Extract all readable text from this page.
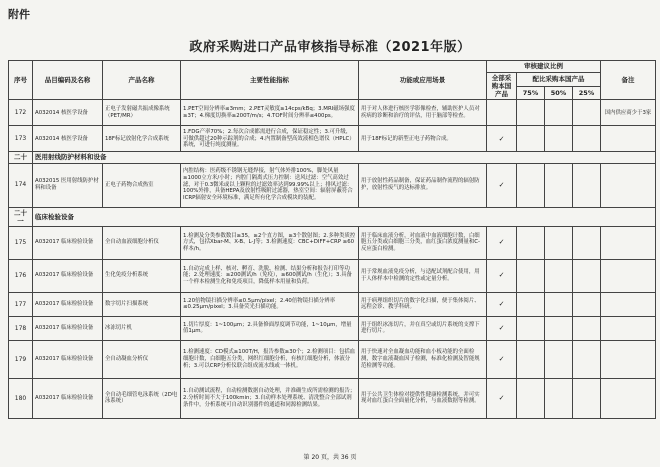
附件
政府采购进口产品审核指导标准（2021年版）
序号	品目编码及名称	产品名称	主要性能指标	功能或应用场景	审核建议比例				备注
					全部采购本国产品	配比采购本国产品			
						75%	50%	25%	
172	A032014 核医学设备	正电子发射磁共振成像系统（PET/MR）	1.PET空间分辨率≤3mm；2.PET灵敏度≥14cps/kBq；3.MRI磁场强度≥3T；4.梯度切换率≥200T/m/s；4.TOF时间分辨率≤400ps。	用于对人体进行核医学影像检查，辅助医护人员对疾病的诊断和治疗的评估，用于脑部等检查。					国内供应商少于3家
173	A032014 核医学设备	18F标记放射化学合成系统	1.FDG产率70%；2.每次合成都需进行合成，保证稳定性；3.可升级，可做供超过20种示踪剂的合成；4.内置制备型高效液相色谱仪（HPLC）系统，可进行纯度测量。	用于18F标记的新型正电子药物合成。	✓				
二十	医用射线防护材料和设备								
174	A032015 医用射线防护材料和设备	正电子药物合成热室	内腔结构：医药级不锈钢无缝焊接，射气体外排100%，脚处风量≥1000立方米/小时；内腔门隔离式压力控制：送风过滤：空气高效过滤，对于0.3微米或以上颗粒的过滤效率达到99.99%以上；排风过滤：100%外排，具备HEPA及放射性吸附过滤器，热室空间：辐射屏蔽符合ICRP辐射安全环境标准，满足所有化学合成模块的装配。	用于放射性药品制备，保证药品制作流程的辐射防护，放射性废气的达标排放。	✓				
二十一	临床检验设备								
175	A032017 临床检验设备	全自动血液细胞分析仪	1.检测及分类参数数目≥35，≥2个直方图，≥3个散射图；2.多种类质控方式，包括Xbar-M、X-B、L-J等；3.检测速度：CBC+DIFF+CRP ≥60样本/h。	用于临床血液分析，对血液中血液细胞计数，白细胞五分类或白细胞三分类，血红蛋白浓度测量和C-反应蛋白检测。	✓				
176	A032017 临床检验设备	生化免疫分析系统	1.自动完成上样、核对、孵育、洗脱、检测、结果分析和报告打印等功能；2.处理速度：≥200测试/h（免疫），≥600测试/h（生化）；3.具备一个样本检测生化和免疫项目，降低样本用量和负荷。	用于常规血液免疫分析，与适配试剂配合使用，用于人体样本中检测的定性或定量分析。	✓				
177	A032017 临床检验设备	数字切片扫描系统	1.20倍物镜扫描分辨率≤0.5μm/pixel；2.40倍物镜扫描分辨率≤0.25μm/pixel；3.具备荧光扫描功能。	用于病理组织切片的数字化扫描，便于集体阅片、远程会诊、教学科研。	✓				
178	A032017 临床检验设备	冰冻切片机	1.切片厚度：1~100μm；2.具备修面厚度调节功能，1~10μm，增量值1μm。	用于组织冰冻切片，并在真空或切片系统的支撑下进行切片。	✓				
179	A032017 临床检验设备	全自动凝血分析仪	1.检测速度：CD模式≥100T/H，报告参数≥30个；2.检测项目：包括血细胞计数，白细胞五分类，网织红细胞分析，有核红细胞分析，体液分析；3.可以CRP分析仪联合组成流水线或一体机。	用于快速对全血凝血功能和血小板功能的全面检测，数字血液凝血因子检测，标准化检测及智能规范检测等功能。	✓				
180	A032017 临床检验设备	全自动毛细管电泳系统（2D电泳系统）	1.自动测试流程，自动检测数据自动处理，并准确生成所需检测的报告；2.分析时间不大于100kmin；3.自动样本处理系统、清洗整合全部试剂条件中，分析系统可自动识别器件的通道和同源检测结果。	用于公共卫生体检对提供性健康检测系统，并可实现对血红蛋白全面量化分析，与血液数据等检测。	✓				
第 20 页，共 36 页
